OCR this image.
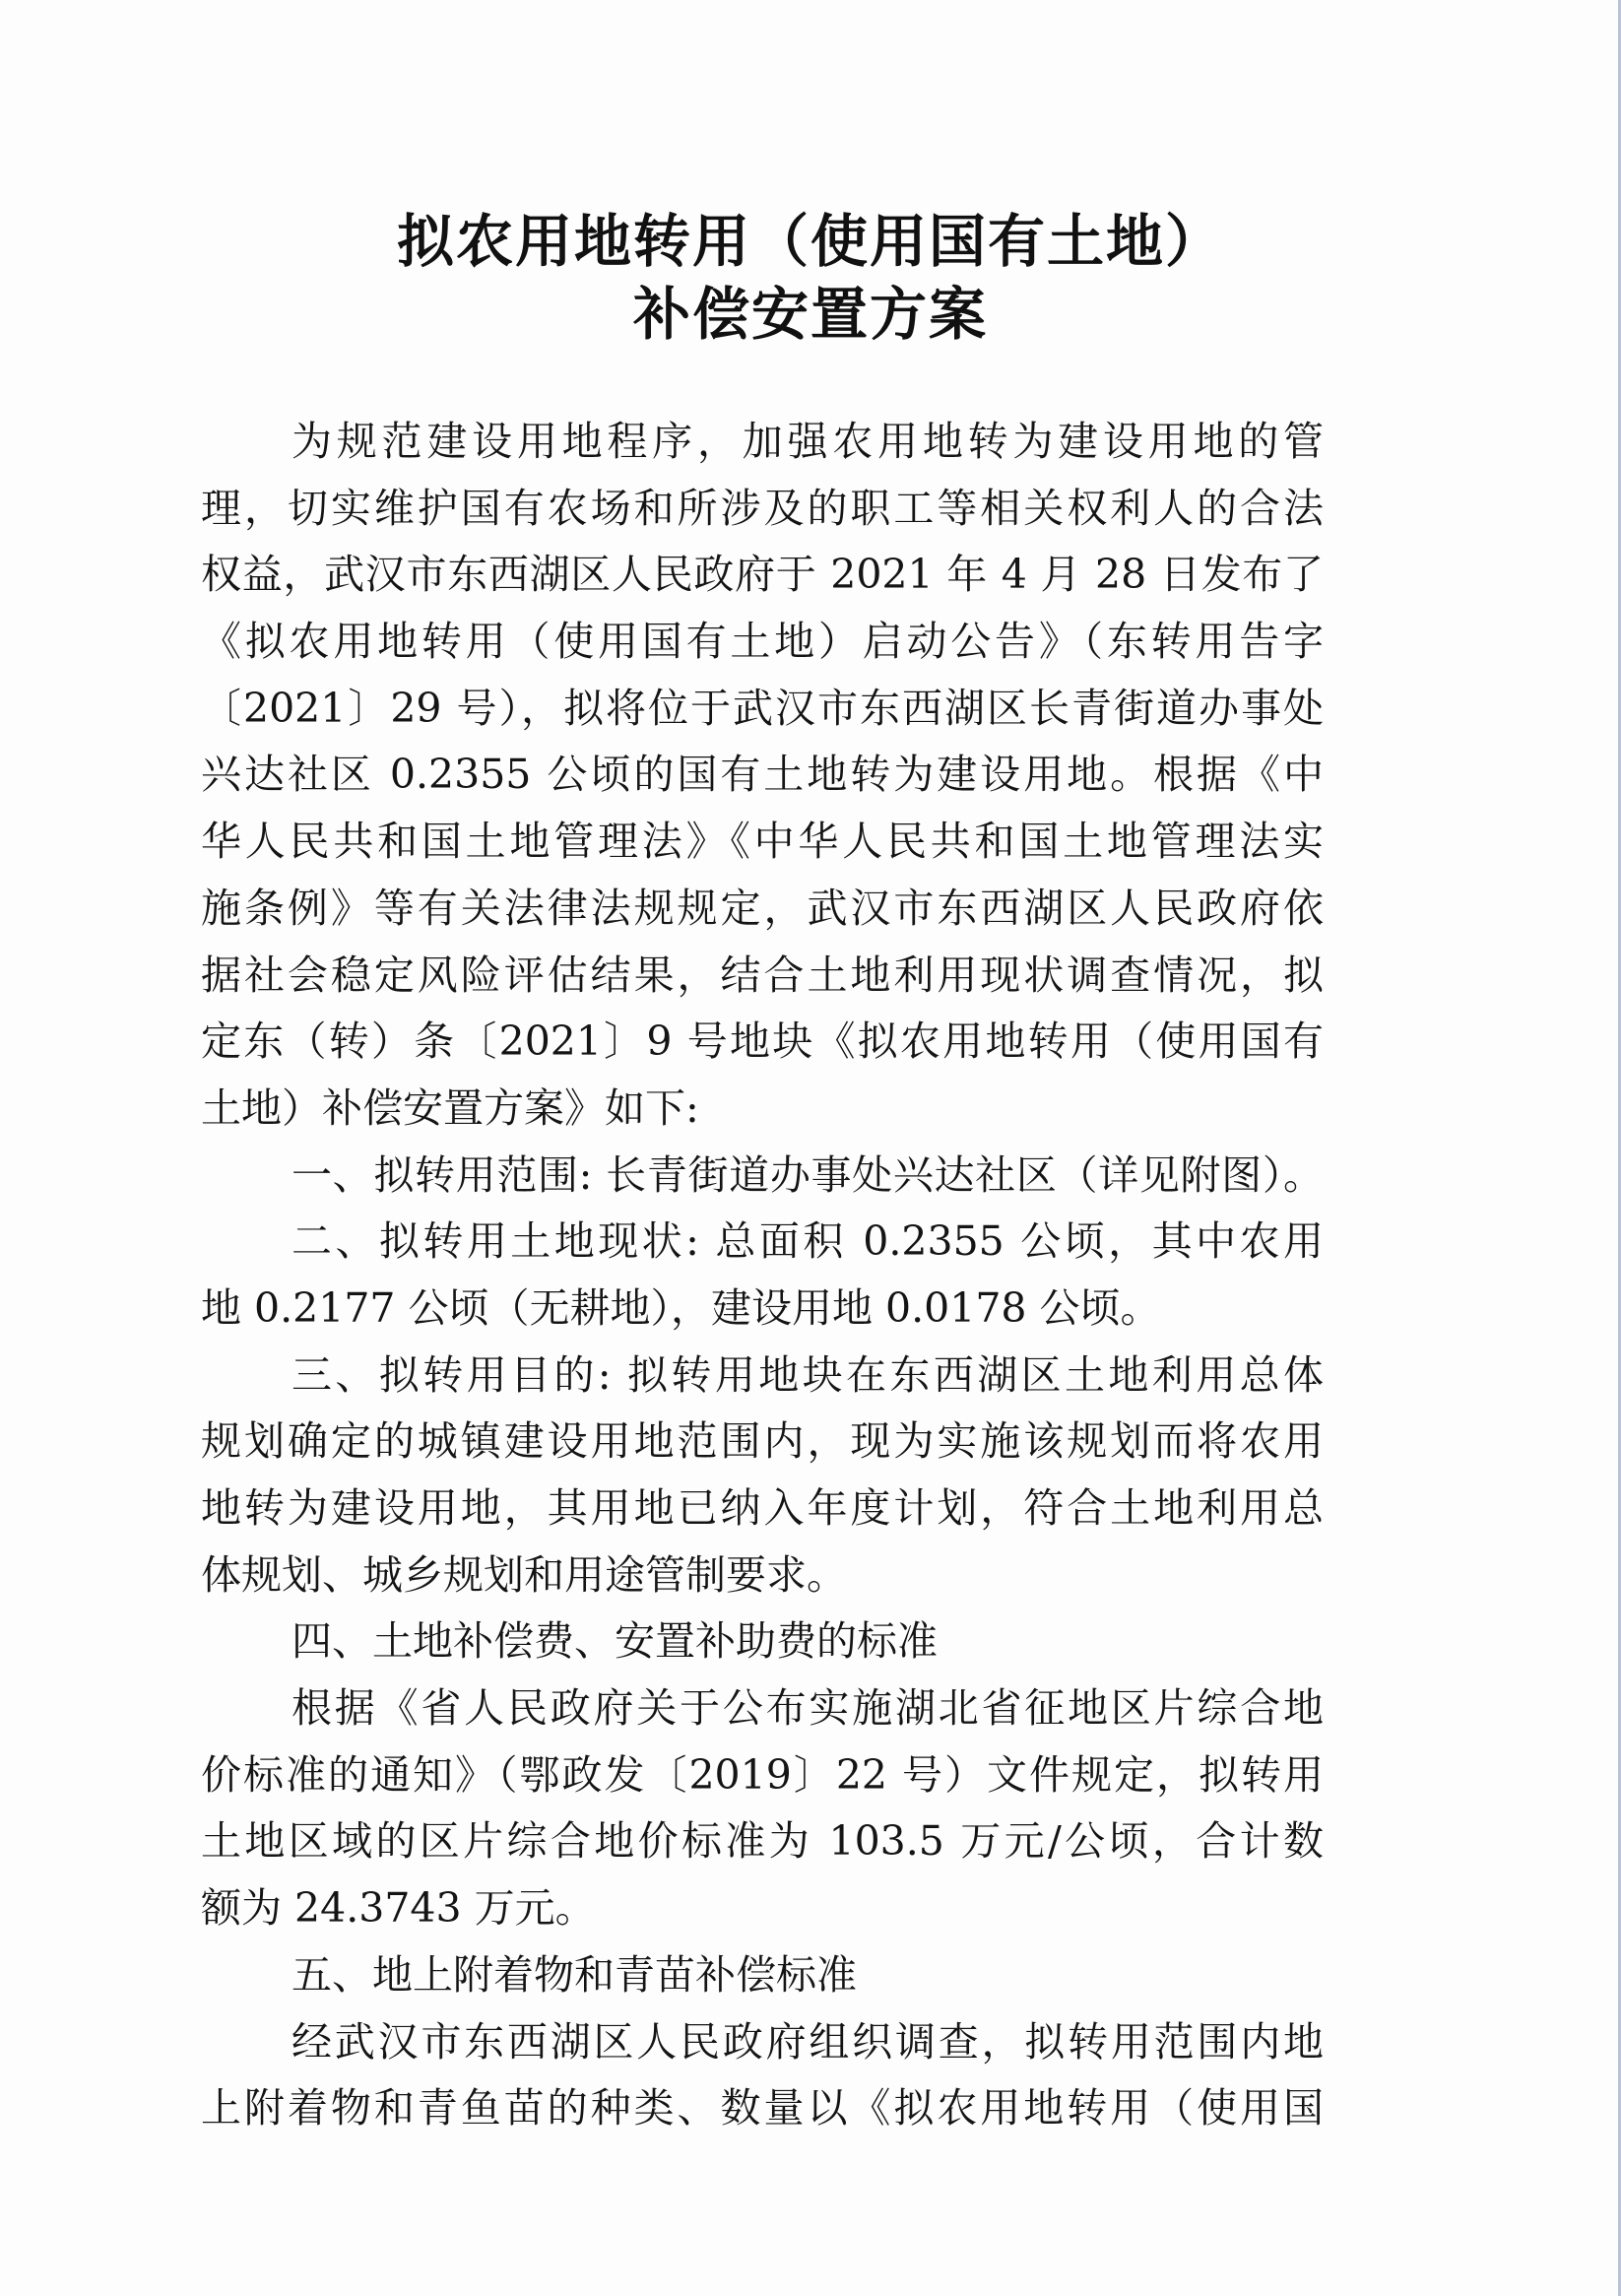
拟农用地转用（使用国有土地）
补偿安置方案
为规范建设用地程序，加强农用地转为建设用地的管
理，切实维护国有农场和所涉及的职工等相关权利人的合法
权益，武汉市东西湖区人民政府于 2021 年 4 月 28 日发布了
《拟农用地转用（使用国有土地）启动公告》（东转用告字
〔2021〕29 号），拟将位于武汉市东西湖区长青街道办事处
兴达社区 0.2355 公顷的国有土地转为建设用地。根据《中
华人民共和国土地管理法》《中华人民共和国土地管理法实
施条例》等有关法律法规规定，武汉市东西湖区人民政府依
据社会稳定风险评估结果，结合土地利用现状调查情况，拟
定东（转）条〔2021〕9 号地块《拟农用地转用（使用国有
土地）补偿安置方案》如下:
一、拟转用范围: 长青街道办事处兴达社区（详见附图）。
二、拟转用土地现状: 总面积 0.2355 公顷，其中农用
地 0.2177 公顷（无耕地），建设用地 0.0178 公顷。
三、拟转用目的: 拟转用地块在东西湖区土地利用总体
规划确定的城镇建设用地范围内，现为实施该规划而将农用
地转为建设用地，其用地已纳入年度计划，符合土地利用总
体规划、城乡规划和用途管制要求。
四、土地补偿费、安置补助费的标准
根据《省人民政府关于公布实施湖北省征地区片综合地
价标准的通知》（鄂政发〔2019〕22 号）文件规定，拟转用
土地区域的区片综合地价标准为 103.5 万元/公顷，合计数
额为 24.3743 万元。
五、地上附着物和青苗补偿标准
经武汉市东西湖区人民政府组织调查，拟转用范围内地
上附着物和青鱼苗的种类、数量以《拟农用地转用（使用国
